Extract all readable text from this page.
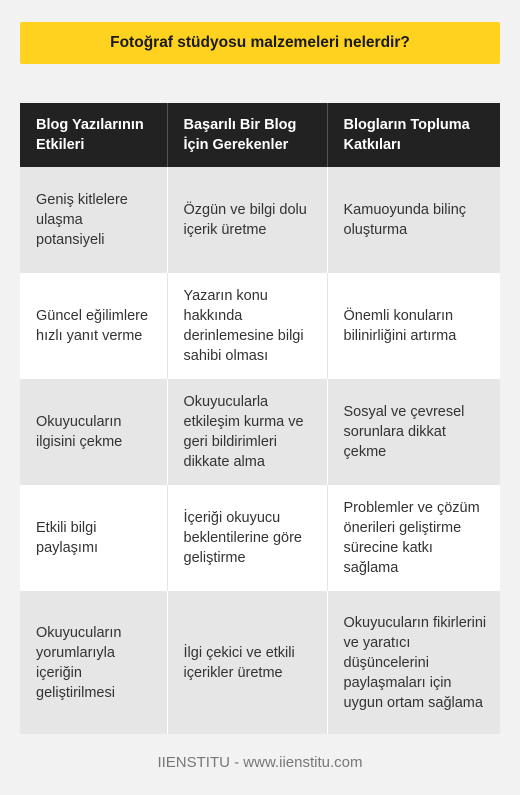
Fotoğraf stüdyosu malzemeleri nelerdir?
Blog Yazılarının Etkileri	Başarılı Bir Blog İçin Gerekenler	Blogların Topluma Katkıları
Geniş kitlelere ulaşma potansiyeli	Özgün ve bilgi dolu içerik üretme	Kamuoyunda bilinç oluşturma
Güncel eğilimlere hızlı yanıt verme	Yazarın konu hakkında derinlemesine bilgi sahibi olması	Önemli konuların bilinirliğini artırma
Okuyucuların ilgisini çekme	Okuyucularla etkileşim kurma ve geri bildirimleri dikkate alma	Sosyal ve çevresel sorunlara dikkat çekme
Etkili bilgi paylaşımı	İçeriği okuyucu beklentilerine göre geliştirme	Problemler ve çözüm önerileri geliştirme sürecine katkı sağlama
Okuyucuların yorumlarıyla içeriğin geliştirilmesi	İlgi çekici ve etkili içerikler üretme	Okuyucuların fikirlerini ve yaratıcı düşüncelerini paylaşmaları için uygun ortam sağlama
IIENSTITU - www.iienstitu.com
